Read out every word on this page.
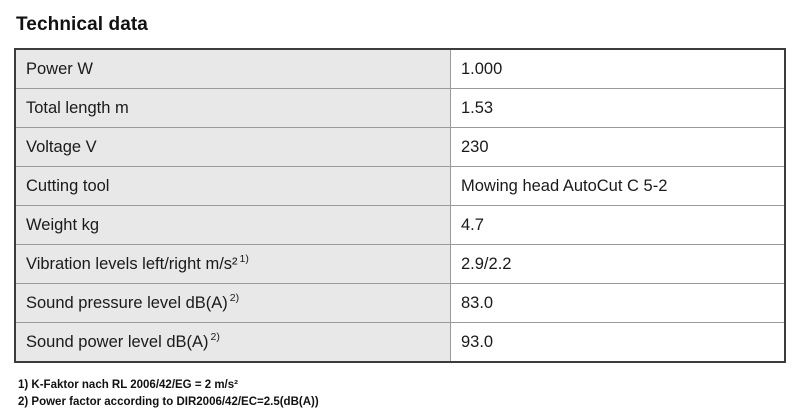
Technical data
Power W	1.000
Total length m	1.53
Voltage V	230
Cutting tool	Mowing head AutoCut C 5-2
Weight kg	4.7
Vibration levels left/right m/s² $^{1)}$	2.9/2.2
Sound pressure level dB(A) $^{2)}$	83.0
Sound power level dB(A) $^{2)}$	93.0
1) K-Faktor nach RL 2006/42/EG = 2 m/s²
2) Power factor according to DIR2006/42/EC=2.5(dB(A))
